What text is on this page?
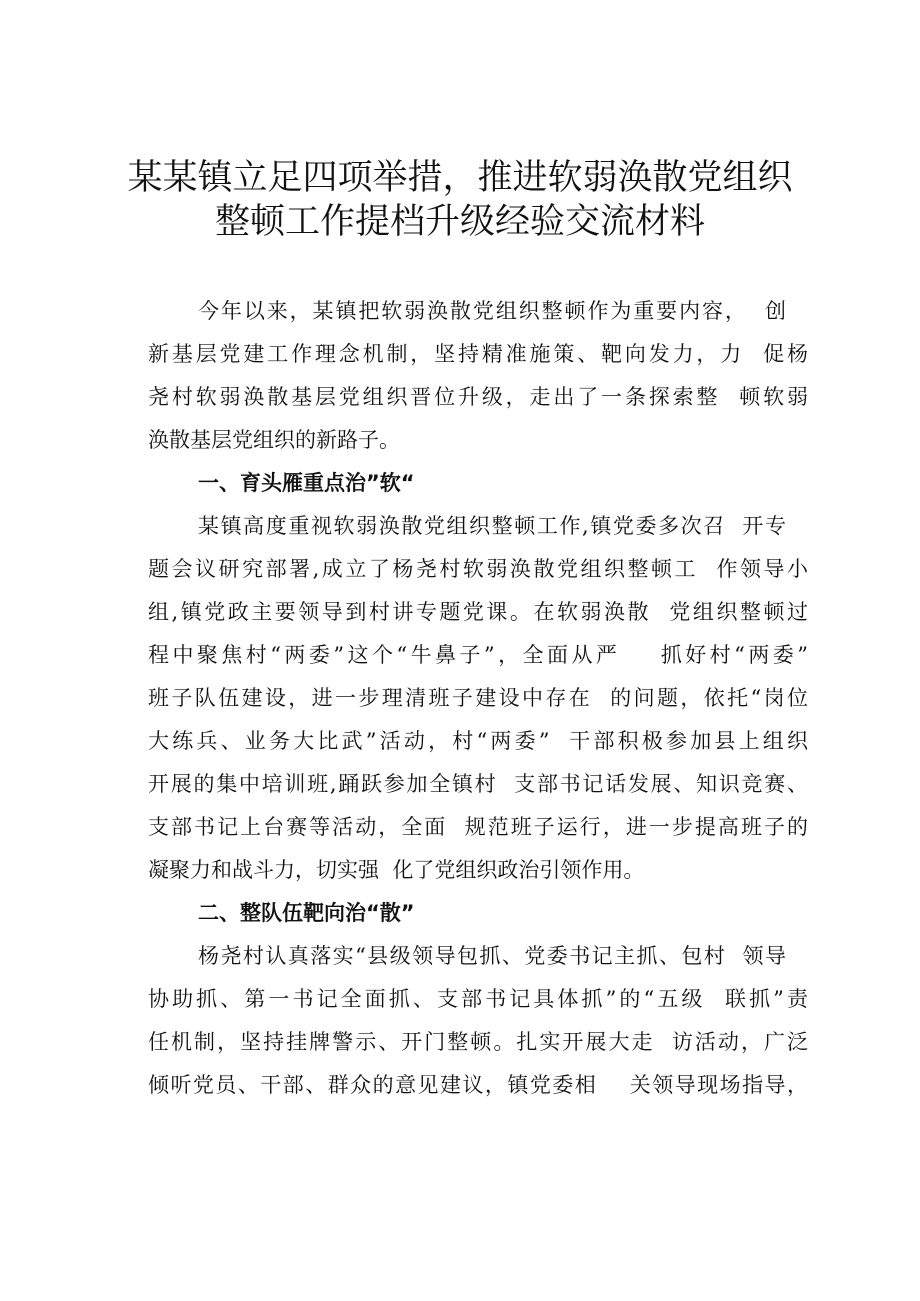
某某镇立足四项举措，推进软弱涣散党组织
整顿工作提档升级经验交流材料
今年以来，某镇把软弱涣散党组织整顿作为重要内容，  创
新基层党建工作理念机制，坚持精准施策、靶向发力，力  促杨
尧村软弱涣散基层党组织晋位升级，走出了一条探索整  顿软弱
涣散基层党组织的新路子。
一、育头雁重点治”软“
某镇高度重视软弱涣散党组织整顿工作,镇党委多次召  开专
题会议研究部署,成立了杨尧村软弱涣散党组织整顿工  作领导小
组,镇党政主要领导到村讲专题党课。在软弱涣散  党组织整顿过
程中聚焦村“两委”这个“牛鼻子”，全面从严    抓好村“两委”
班子队伍建设，进一步理清班子建设中存在  的问题，依托“岗位
大练兵、业务大比武”活动，村“两委”  干部积极参加县上组织
开展的集中培训班,踊跃参加全镇村  支部书记话发展、知识竞赛、
支部书记上台赛等活动，全面  规范班子运行，进一步提高班子的
凝聚力和战斗力，切实强  化了党组织政治引领作用。
二、整队伍靶向治“散”
杨尧村认真落实“县级领导包抓、党委书记主抓、包村  领导
协助抓、第一书记全面抓、支部书记具体抓”的“五级  联抓”责
任机制，坚持挂牌警示、开门整顿。扎实开展大走  访活动，广泛
倾听党员、干部、群众的意见建议，镇党委相    关领导现场指导，
